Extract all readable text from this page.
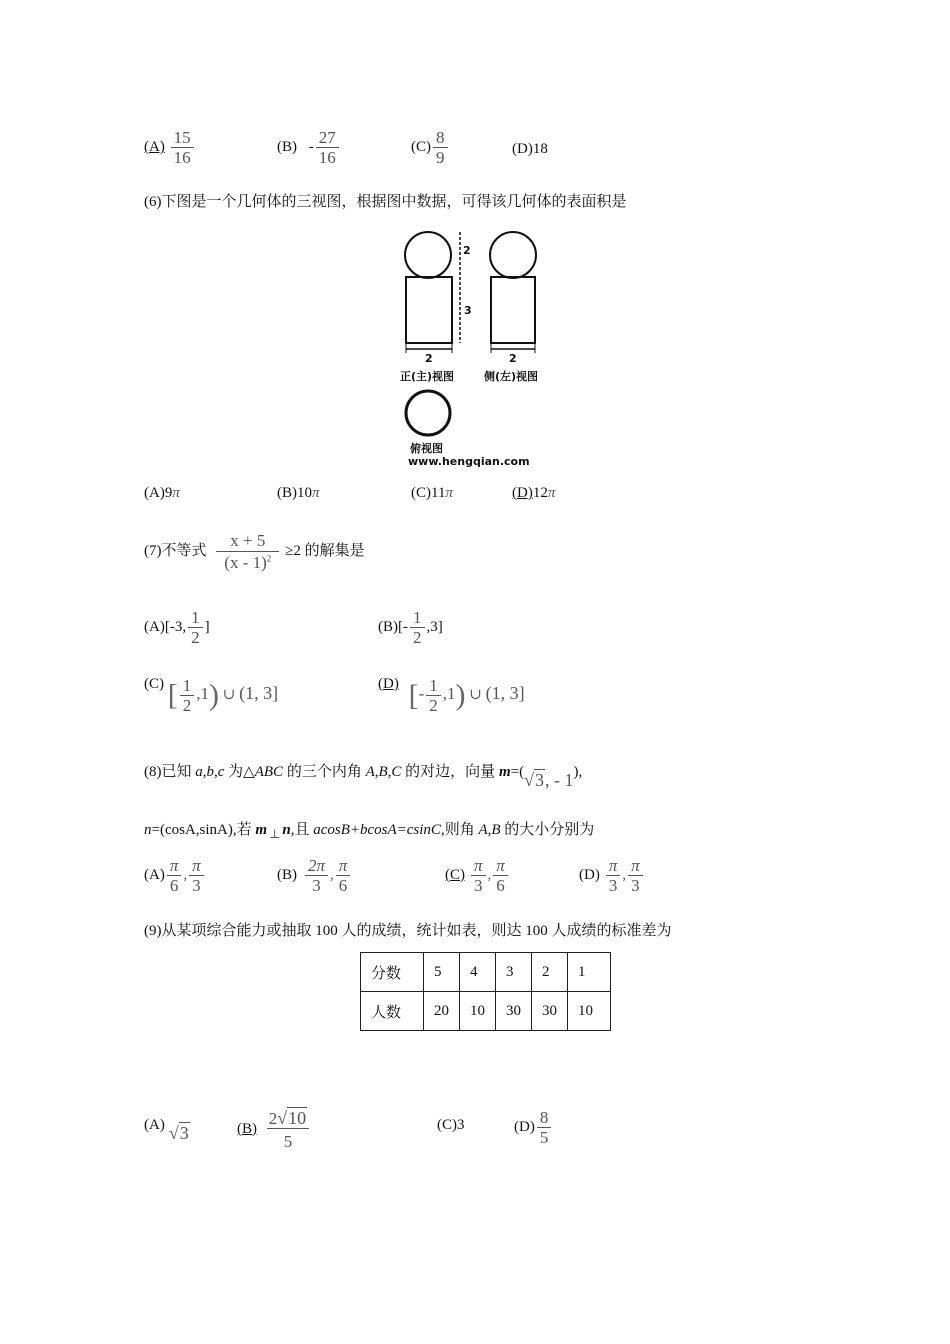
$(A) \frac{15}{16}$	$(B) - \frac{27}{16}$	$(C) \frac{8}{9}$	(D)18
(6)下图是一个几何体的三视图，根据图中数据，可得该几何体的表面积是
2
3
2	2
正(主)视图	侧(左)视图
俯视图
www.hengqian.com
(A)9π	(B)10π	(C)11π	(D)12π
(7)不等式 $\frac{x + 5}{(x - 1)^2} \ge 2$ 的解集是
(A)[-3, $\frac{1}{2}$ ]	$(B)[- \frac{1}{2} ,3]$
(C) [ $\frac{1}{2} ,1$) ∪ (1, 3]	(D) [- $\frac{1}{2} ,1$) ∪ (1, 3]
(8)已知 a,b,c 为△ABC 的三个内角 A,B,C 的对边，向量 m=(√3, - 1),
n=(cosA,sinA),若 m $_\perp$ n,且 acosB+bcosA=csinC,则角 A,B 的大小分别为
$(A) \frac{\pi}{6}$ , $\frac{\pi}{3}$	$(B) \frac{2\pi}{3}$ , $\frac{\pi}{6}$	$(C) \frac{\pi}{3}$ , $\frac{\pi}{6}$	$(D) \frac{\pi}{3}$ , $\frac{\pi}{3}$
(9)从某项综合能力或抽取 100 人的成绩，统计如表，则达 100 人成绩的标准差为
分数	5	4	3	2	1
人数	20	10	30	30	10
(A) √3	$(B) \frac{2√10}{5}$	(C)3	$(D) \frac{8}{5}$
